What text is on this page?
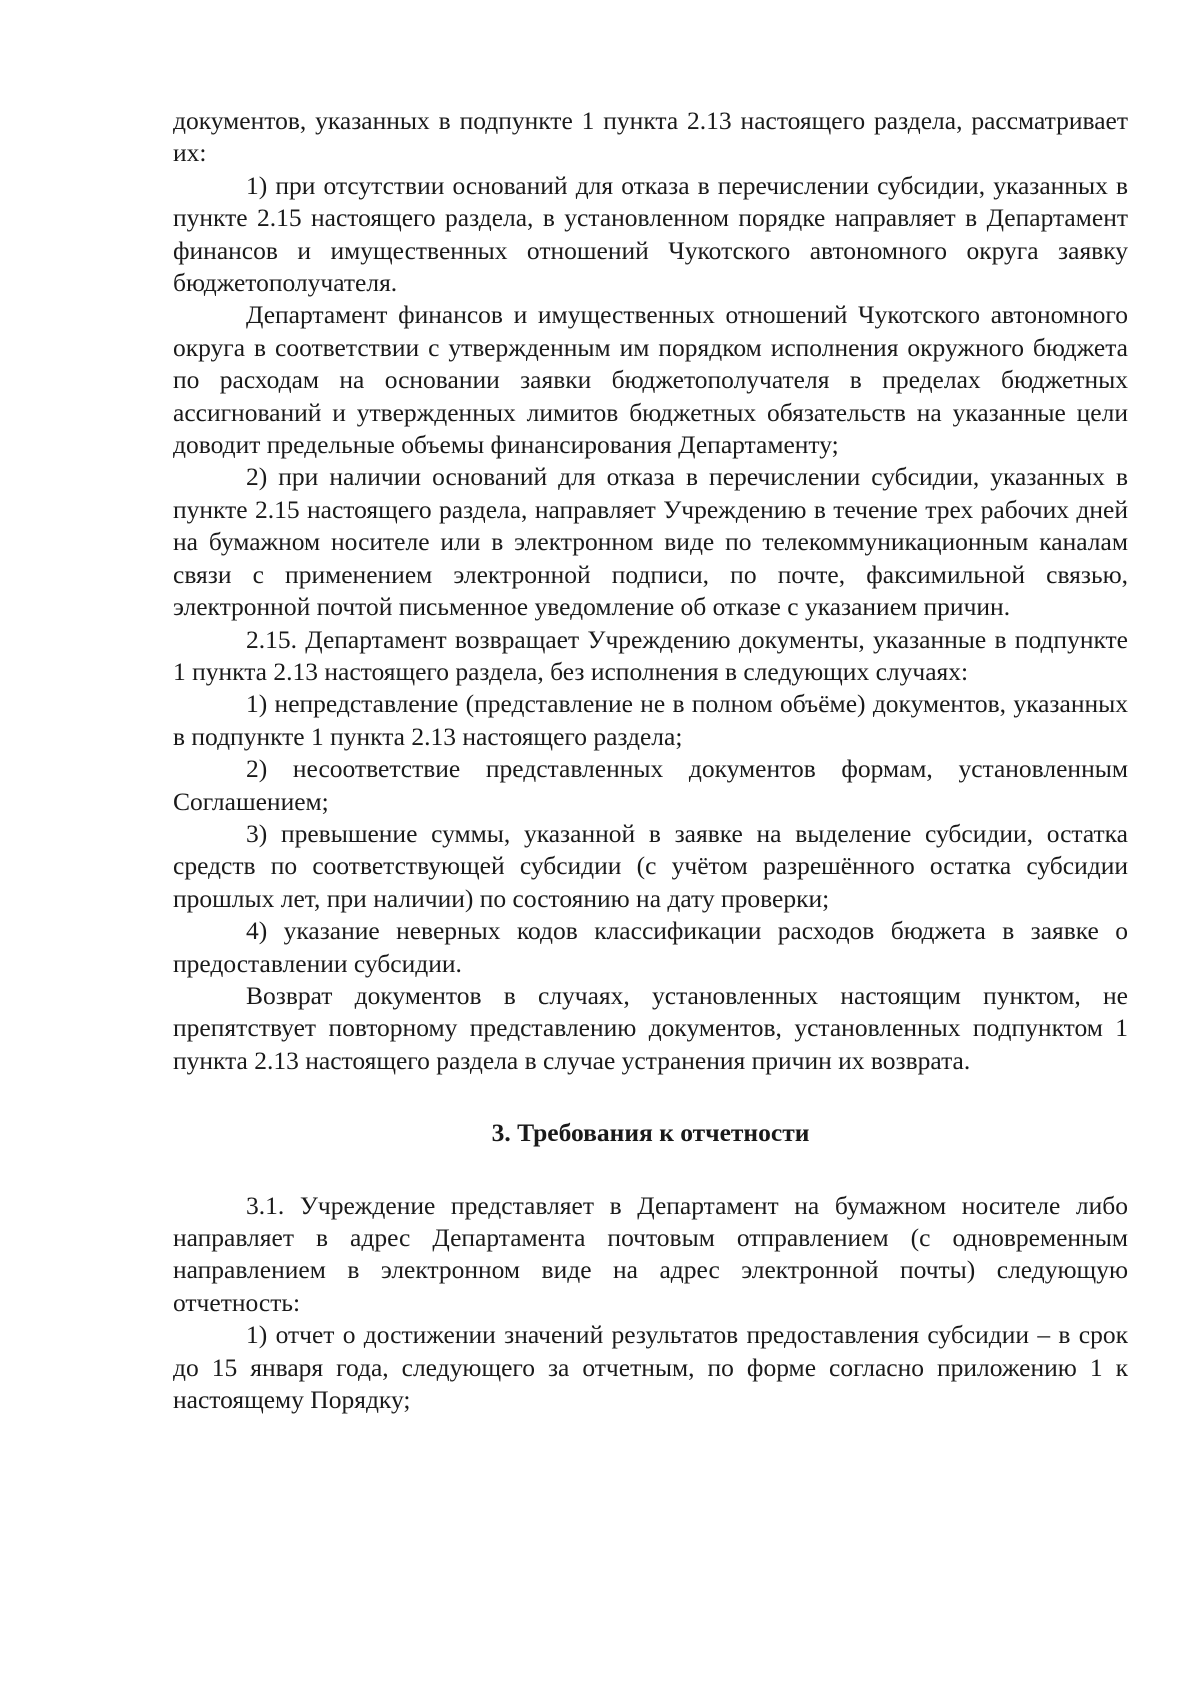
документов, указанных в подпункте 1 пункта 2.13 настоящего раздела, рассматривает их:

1) при отсутствии оснований для отказа в перечислении субсидии, указанных в пункте 2.15 настоящего раздела, в установленном порядке направляет в Департамент финансов и имущественных отношений Чукотского автономного округа заявку бюджетополучателя.

Департамент финансов и имущественных отношений Чукотского автономного округа в соответствии с утвержденным им порядком исполнения окружного бюджета по расходам на основании заявки бюджетополучателя в пределах бюджетных ассигнований и утвержденных лимитов бюджетных обязательств на указанные цели доводит предельные объемы финансирования Департаменту;

2) при наличии оснований для отказа в перечислении субсидии, указанных в пункте 2.15 настоящего раздела, направляет Учреждению в течение трех рабочих дней на бумажном носителе или в электронном виде по телекоммуникационным каналам связи с применением электронной подписи, по почте, факсимильной связью, электронной почтой письменное уведомление об отказе с указанием причин.

2.15. Департамент возвращает Учреждению документы, указанные в подпункте 1 пункта 2.13 настоящего раздела, без исполнения в следующих случаях:

1) непредставление (представление не в полном объёме) документов, указанных в подпункте 1 пункта 2.13 настоящего раздела;

2) несоответствие представленных документов формам, установленным Соглашением;

3) превышение суммы, указанной в заявке на выделение субсидии, остатка средств по соответствующей субсидии (с учётом разрешённого остатка субсидии прошлых лет, при наличии) по состоянию на дату проверки;

4) указание неверных кодов классификации расходов бюджета в заявке о предоставлении субсидии.

Возврат документов в случаях, установленных настоящим пунктом, не препятствует повторному представлению документов, установленных подпунктом 1 пункта 2.13 настоящего раздела в случае устранения причин их возврата.

3. Требования к отчетности

3.1. Учреждение представляет в Департамент на бумажном носителе либо направляет в адрес Департамента почтовым отправлением (с одновременным направлением в электронном виде на адрес электронной почты) следующую отчетность:

1) отчет о достижении значений результатов предоставления субсидии – в срок до 15 января года, следующего за отчетным, по форме согласно приложению 1 к настоящему Порядку;
